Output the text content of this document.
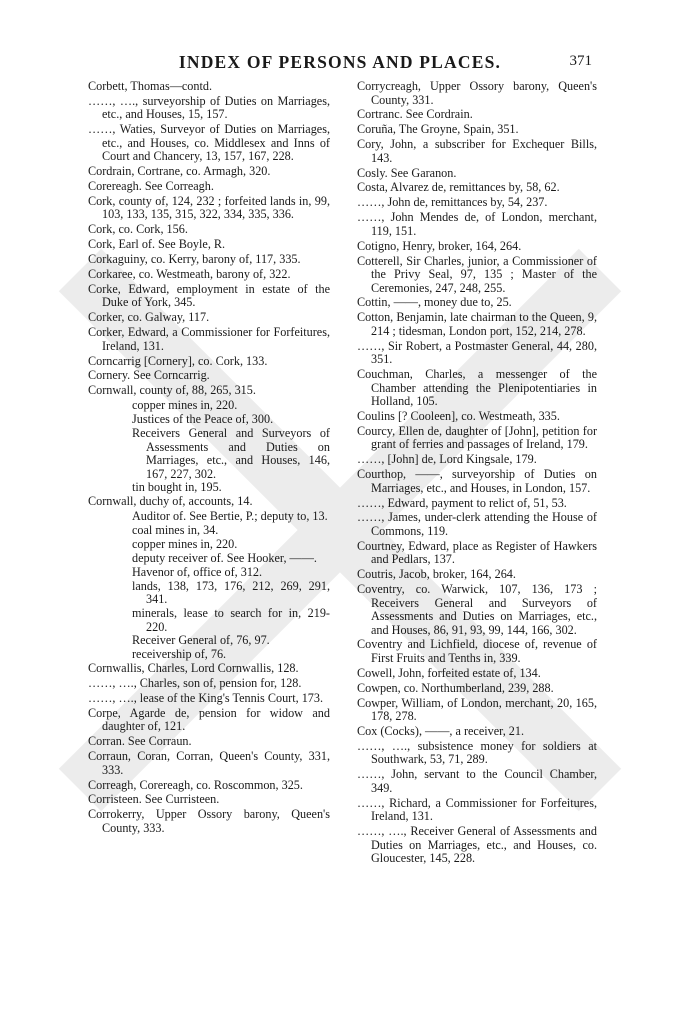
INDEX OF PERSONS AND PLACES.	371

Corbett, Thomas—contd.

……, …., surveyorship of Duties on Marriages, etc., and Houses, 15, 157.

……, Waties, Surveyor of Duties on Marriages, etc., and Houses, co. Middlesex and Inns of Court and Chancery, 13, 157, 167, 228.

Cordrain, Cortrane, co. Armagh, 320.

Corereagh. See Correagh.

Cork, county of, 124, 232 ; forfeited lands in, 99, 103, 133, 135, 315, 322, 334, 335, 336.

Cork, co. Cork, 156.

Cork, Earl of. See Boyle, R.

Corkaguiny, co. Kerry, barony of, 117, 335.

Corkaree, co. Westmeath, barony of, 322.

Corke, Edward, employment in estate of the Duke of York, 345.

Corker, co. Galway, 117.

Corker, Edward, a Commissioner for Forfeitures, Ireland, 131.

Corncarrig [Cornery], co. Cork, 133.

Cornery. See Corncarrig.

Cornwall, county of, 88, 265, 315.

copper mines in, 220.

Justices of the Peace of, 300.

Receivers General and Surveyors of Assessments and Duties on Marriages, etc., and Houses, 146, 167, 227, 302.

tin bought in, 195.

Cornwall, duchy of, accounts, 14.

Auditor of. See Bertie, P.; deputy to, 13.

coal mines in, 34.

copper mines in, 220.

deputy receiver of. See Hooker, ——.

Havenor of, office of, 312.

lands, 138, 173, 176, 212, 269, 291, 341.

minerals, lease to search for in, 219-220.

Receiver General of, 76, 97.

receivership of, 76.

Cornwallis, Charles, Lord Cornwallis, 128.

……, …., Charles, son of, pension for, 128.

……, …., lease of the King's Tennis Court, 173.

Corpe, Agarde de, pension for widow and daughter of, 121.

Corran. See Corraun.

Corraun, Coran, Corran, Queen's County, 331, 333.

Correagh, Corereagh, co. Roscommon, 325.

Corristeen. See Curristeen.

Corrokerry, Upper Ossory barony, Queen's County, 333.

Corrycreagh, Upper Ossory barony, Queen's County, 331.

Cortranc. See Cordrain.

Coruña, The Groyne, Spain, 351.

Cory, John, a subscriber for Exchequer Bills, 143.

Cosly. See Garanon.

Costa, Alvarez de, remittances by, 58, 62.

……, John de, remittances by, 54, 237.

……, John Mendes de, of London, merchant, 119, 151.

Cotigno, Henry, broker, 164, 264.

Cotterell, Sir Charles, junior, a Commissioner of the Privy Seal, 97, 135 ; Master of the Ceremonies, 247, 248, 255.

Cottin, ——, money due to, 25.

Cotton, Benjamin, late chairman to the Queen, 9, 214 ; tidesman, London port, 152, 214, 278.

……, Sir Robert, a Postmaster General, 44, 280, 351.

Couchman, Charles, a messenger of the Chamber attending the Plenipotentiaries in Holland, 105.

Coulins [? Cooleen], co. Westmeath, 335.

Courcy, Ellen de, daughter of [John], petition for grant of ferries and passages of Ireland, 179.

……, [John] de, Lord Kingsale, 179.

Courthop, ——, surveyorship of Duties on Marriages, etc., and Houses, in London, 157.

……, Edward, payment to relict of, 51, 53.

……, James, under-clerk attending the House of Commons, 119.

Courtney, Edward, place as Register of Hawkers and Pedlars, 137.

Coutris, Jacob, broker, 164, 264.

Coventry, co. Warwick, 107, 136, 173 ; Receivers General and Surveyors of Assessments and Duties on Marriages, etc., and Houses, 86, 91, 93, 99, 144, 166, 302.

Coventry and Lichfield, diocese of, revenue of First Fruits and Tenths in, 339.

Cowell, John, forfeited estate of, 134.

Cowpen, co. Northumberland, 239, 288.

Cowper, William, of London, merchant, 20, 165, 178, 278.

Cox (Cocks), ——, a receiver, 21.

……, …., subsistence money for soldiers at Southwark, 53, 71, 289.

……, John, servant to the Council Chamber, 349.

……, Richard, a Commissioner for Forfeitures, Ireland, 131.

……, …., Receiver General of Assessments and Duties on Marriages, etc., and Houses, co. Gloucester, 145, 228.
